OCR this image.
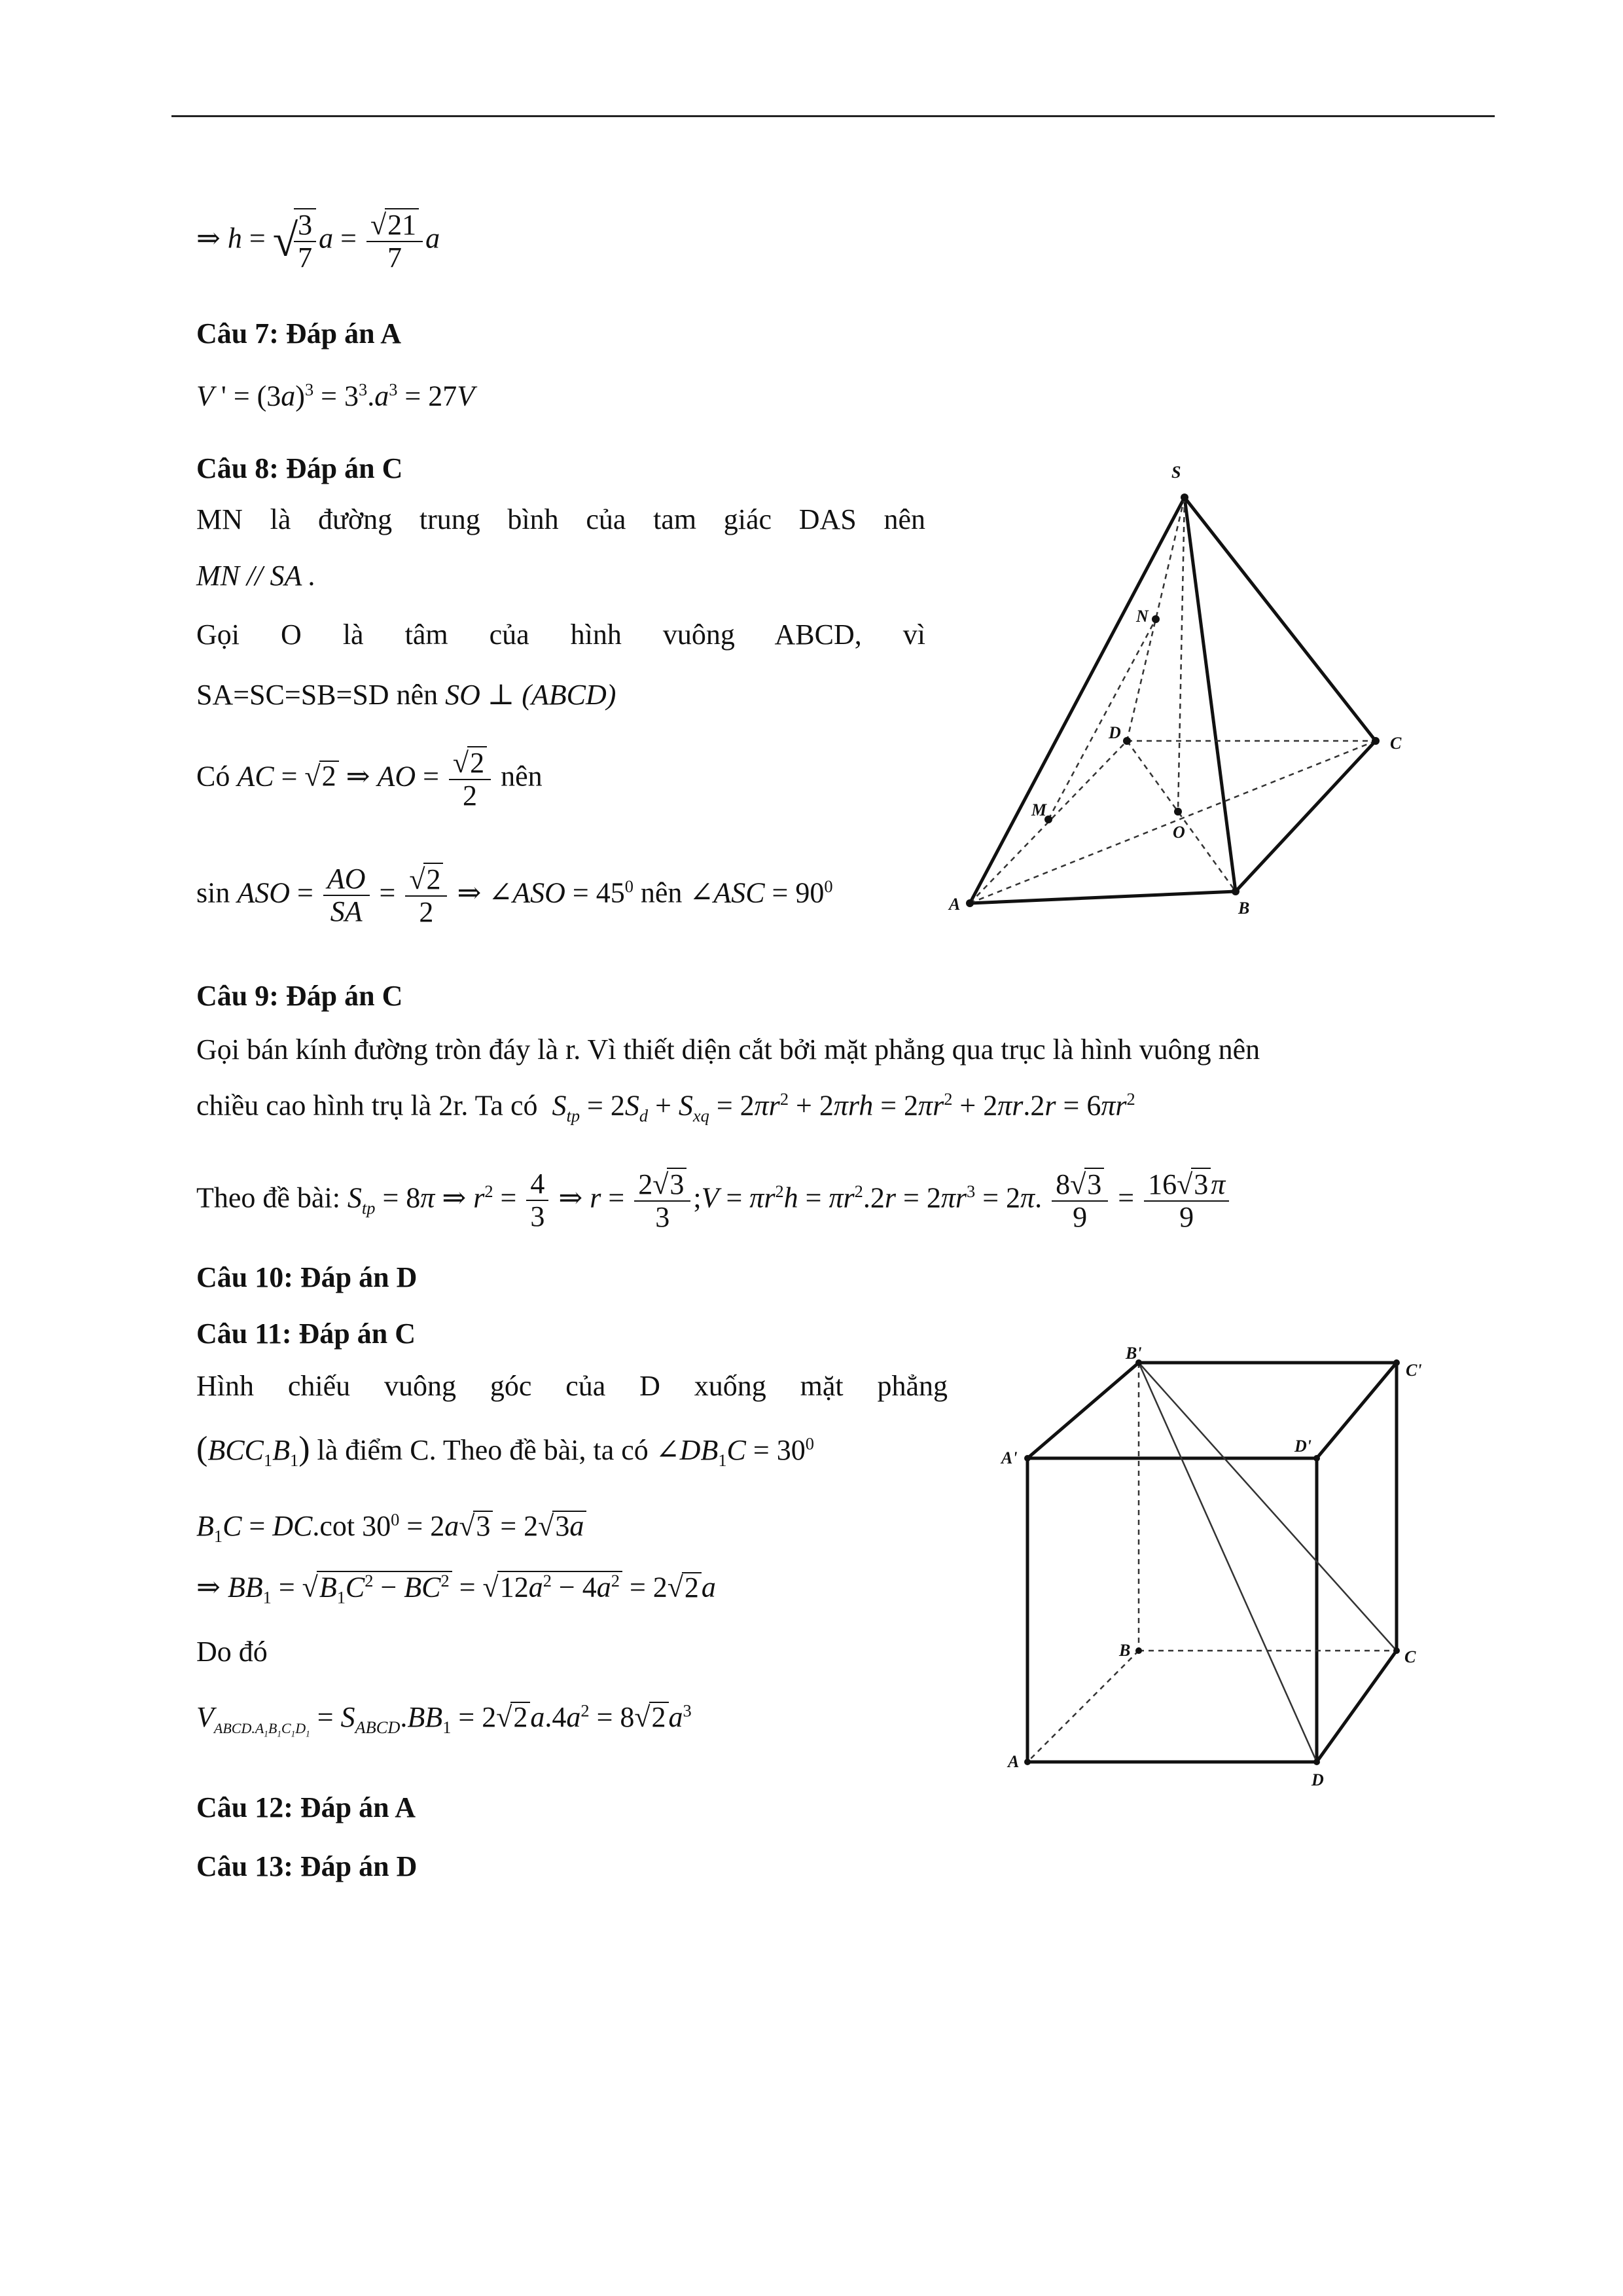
⇒ h = √
$\frac{3}{7}$ $a = \frac{√21}{7}$ a
Câu 7: Đáp án A
V ' = $(3a)^3 = 3^3.a^3 = 27V$
Câu 8: Đáp án C
MN là đường trung bình của tam giác DAS nên
MN // SA .
Gọi O là tâm của hình vuông ABCD, vì
SA=SC=SB=SD nên SO ⊥ (ABCD)
Có AC = √2 ⇒ AO = $\frac{√2}{2}$ nên
sin ASO = $\frac{AO}{SA} = \frac{√2}{2}$ ⇒ ∠ASO = $45^0$ nên ∠ASC = $90^0$
S
N
D
C
M
O
A	B
Câu 9: Đáp án C
Gọi bán kính đường tròn đáy là r. Vì thiết diện cắt bởi mặt phẳng qua trục là hình vuông nên
chiều cao hình trụ là 2r. Ta có $S_{tp} = 2S_d + S_{xq} = 2\pi r^2 + 2\pi rh = 2\pi r^2 + 2\pi r.2r = 6\pi r^2$
Theo đề bài: $S_{tp} = 8\pi$ ⇒ $r^2 = \frac{4}{3}$ ⇒ $r = \frac{2√3}{3}$ ;V = $\pi r^2h = \pi r^2.2r = 2\pi r^3 = 2\pi$. $\frac{8√3}{9} = \frac{16√3\pi}{9}$
Câu 10: Đáp án D
Câu 11: Đáp án C
Hình chiếu vuông góc của D xuống mặt phẳng
$(BCC_1B_1)$ là điểm C. Theo đề bài, ta có $\angle DB_1C = 30^0$
$B_1C = DC.\cot$ $30^0 = 2a√3 = 2√3a$
⇒ $BB_1 = √B_1C^2 - BC^2 = √12a^2 - 4a^2 = 2√2a$
Do đó
$V_{ABCD.A_1B_1C_1D_1} = S_{ABCD}.BB_1 = 2√2a.4a^2 = 8√2a^3$
B'
C'
A'
D'
B	C
A
D
Câu 12: Đáp án A
Câu 13: Đáp án D
